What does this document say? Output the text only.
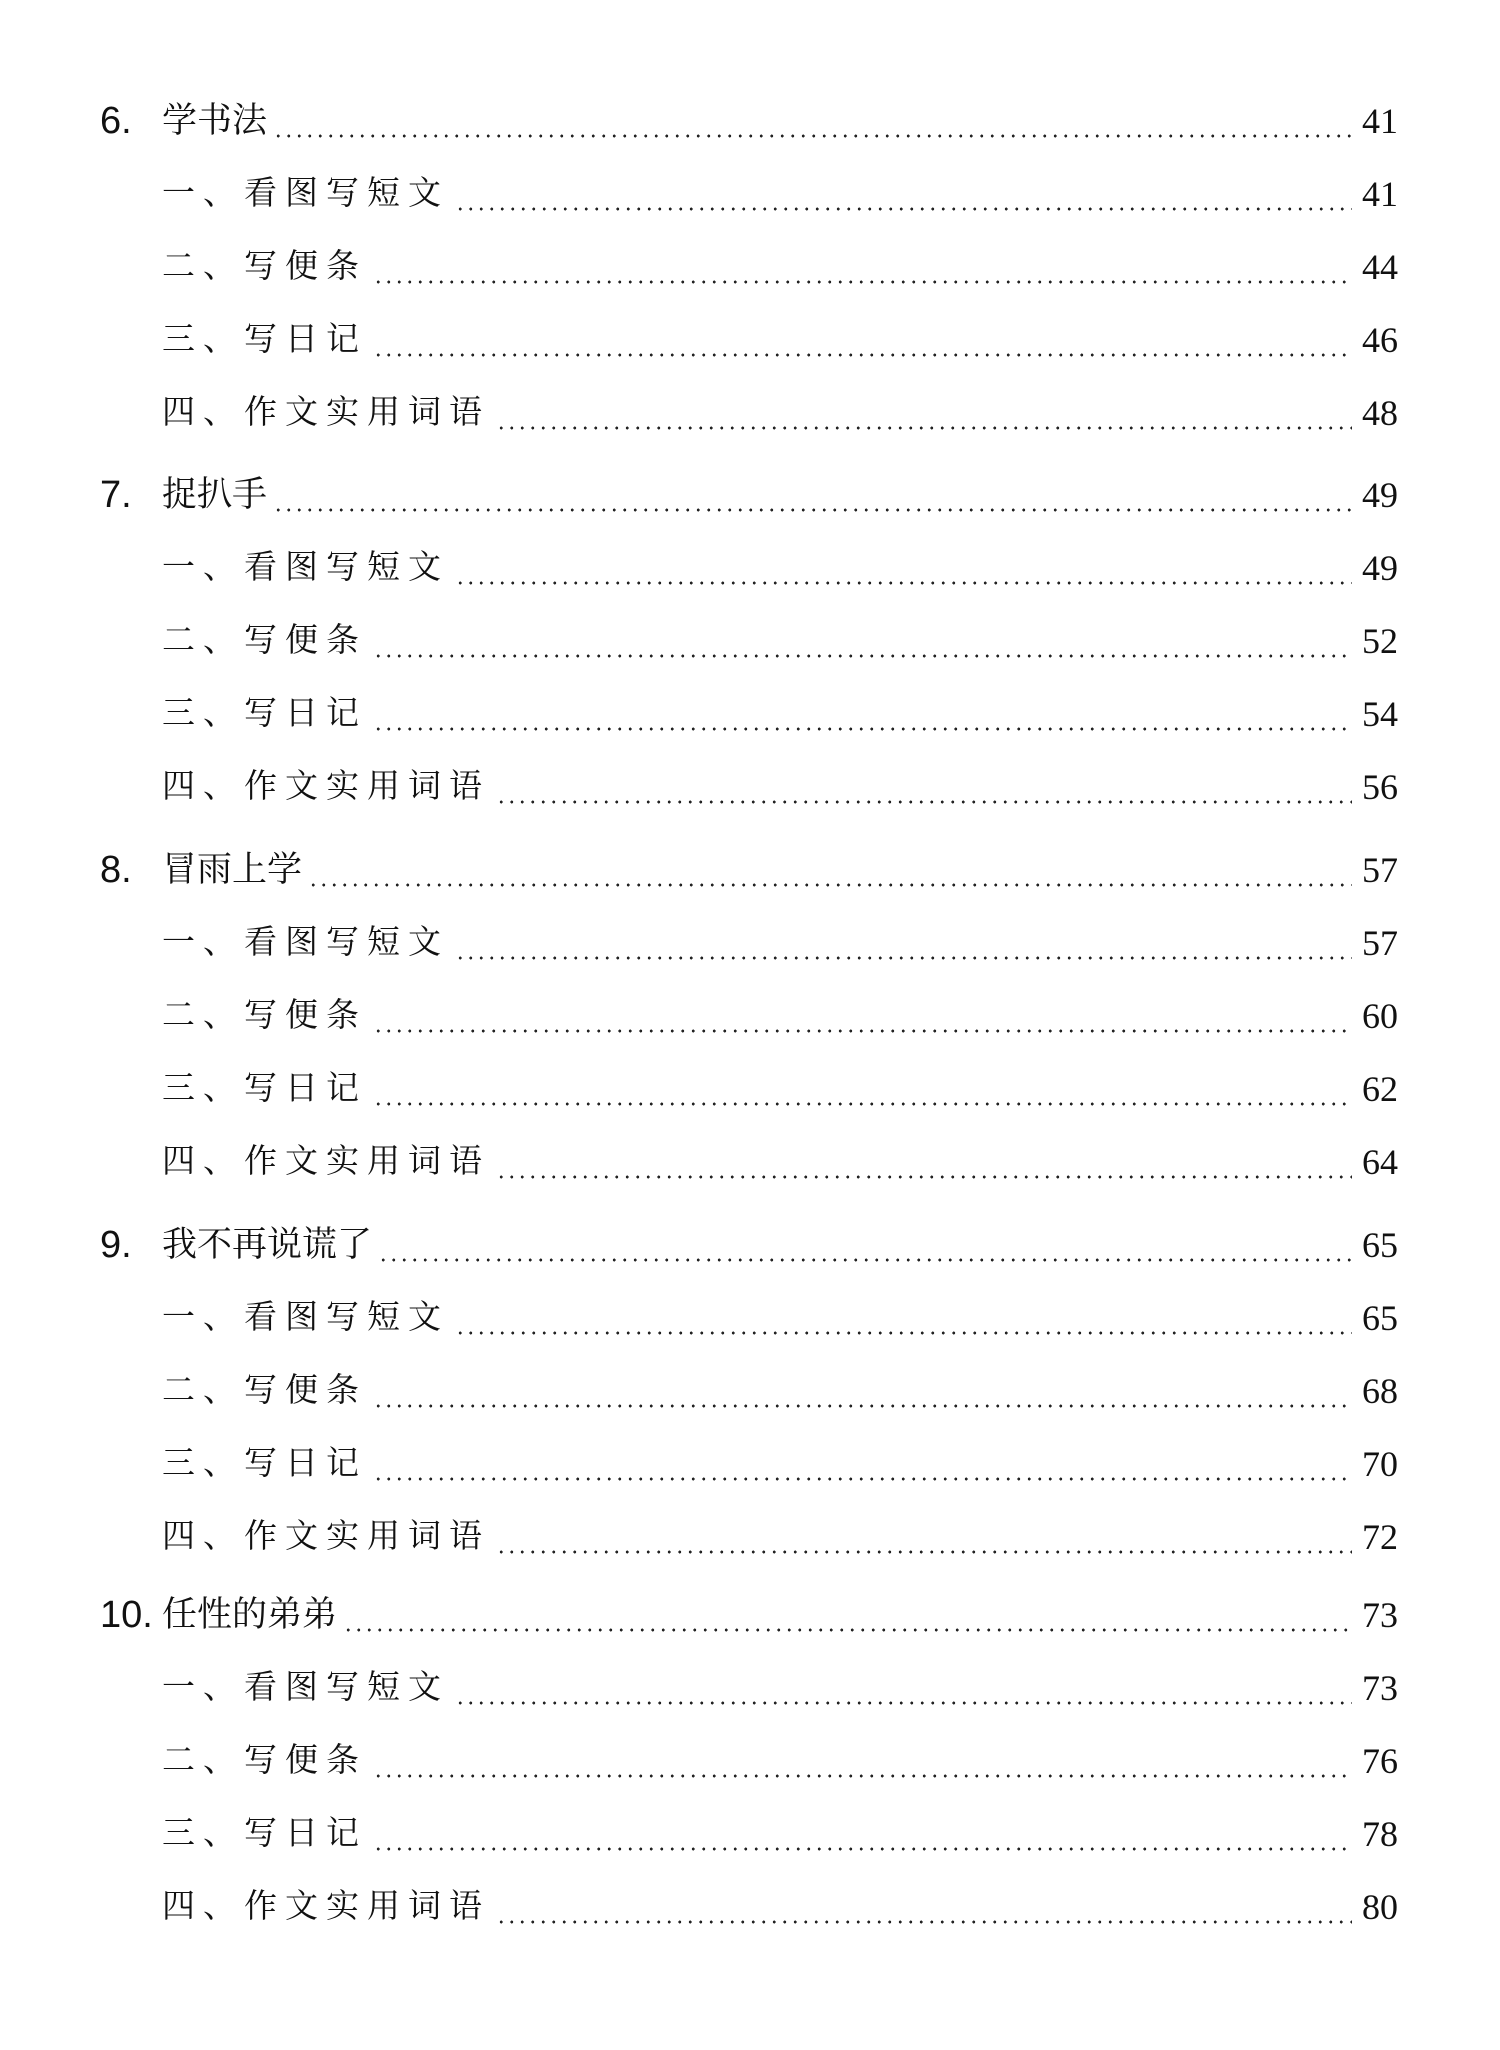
6. 学书法	41
一、看图写短文	41
二、写便条	44
三、写日记	46
四、作文实用词语	48
7. 捉扒手	49
一、看图写短文	49
二、写便条	52
三、写日记	54
四、作文实用词语	56
8. 冒雨上学	57
一、看图写短文	57
二、写便条	60
三、写日记	62
四、作文实用词语	64
9. 我不再说谎了	65
一、看图写短文	65
二、写便条	68
三、写日记	70
四、作文实用词语	72
10. 任性的弟弟	73
一、看图写短文	73
二、写便条	76
三、写日记	78
四、作文实用词语	80
